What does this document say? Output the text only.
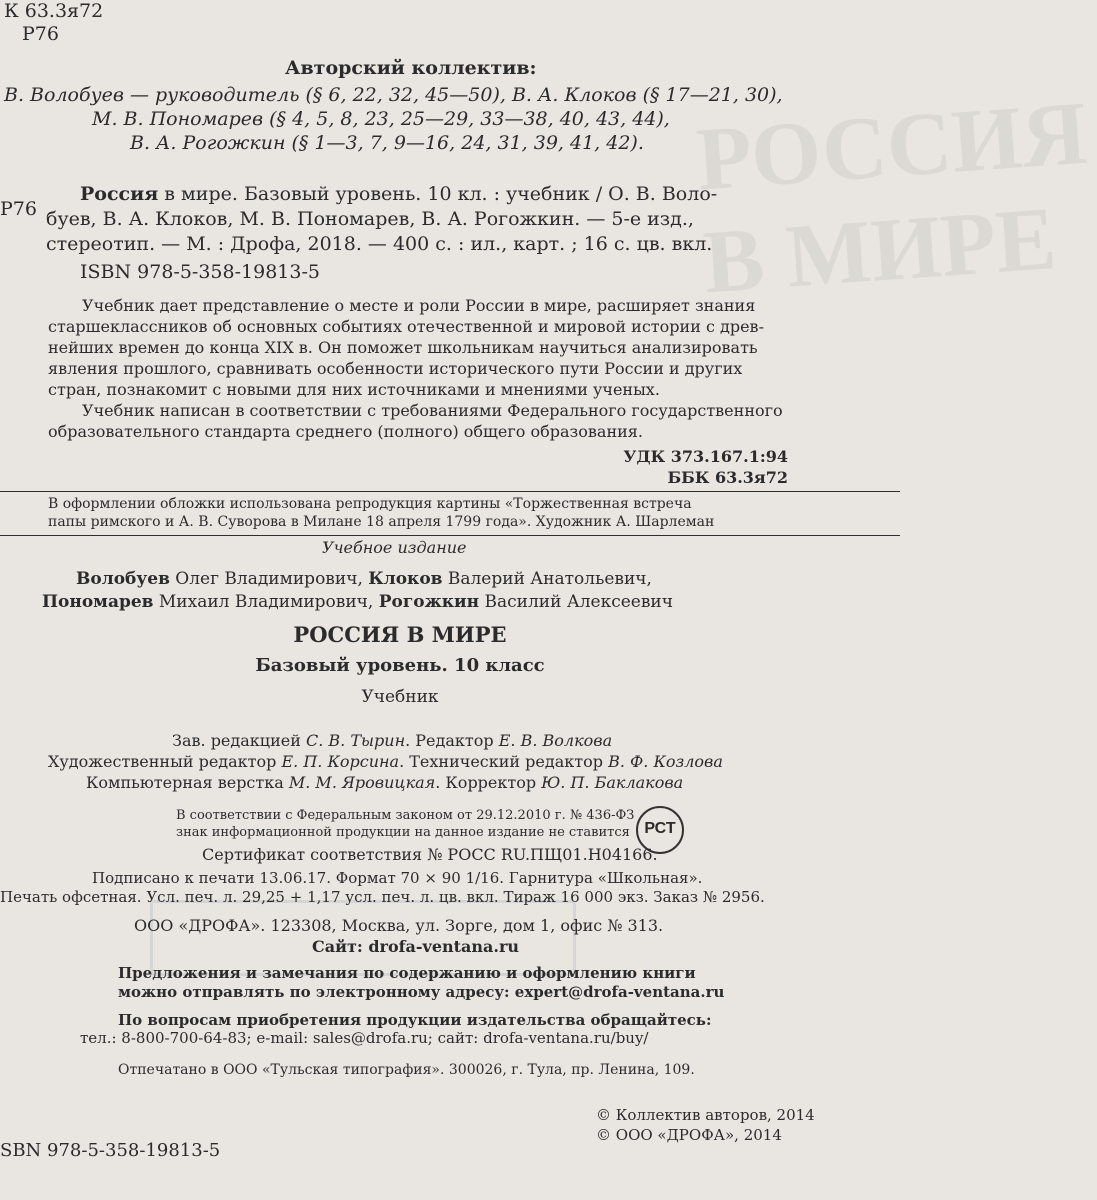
РОССИЯ В МИРЕ
К 63.3я72
Р76
Авторский коллектив:
В. Волобуев — руководитель (§ 6, 22, 32, 45—50), В. А. Клоков (§ 17—21, 30),
М. В. Пономарев (§ 4, 5, 8, 23, 25—29, 33—38, 40, 43, 44),
В. А. Рогожкин (§ 1—3, 7, 9—16, 24, 31, 39, 41, 42).
Р76
Россия в мире. Базовый уровень. 10 кл. : учебник / О. В. Воло-
буев, В. А. Клоков, М. В. Пономарев, В. А. Рогожкин. — 5-е изд.,
стереотип. — М. : Дрофа, 2018. — 400 с. : ил., карт. ; 16 с. цв. вкл.
ISBN 978-5-358-19813-5
Учебник дает представление о месте и роли России в мире, расширяет знания
старшеклассников об основных событиях отечественной и мировой истории с древ-
нейших времен до конца XIX в. Он поможет школьникам научиться анализировать
явления прошлого, сравнивать особенности исторического пути России и других
стран, познакомит с новыми для них источниками и мнениями ученых.
Учебник написан в соответствии с требованиями Федерального государственного
образовательного стандарта среднего (полного) общего образования.
УДК 373.167.1:94
ББК 63.3я72
В оформлении обложки использована репродукция картины «Торжественная встреча
папы римского и А. В. Суворова в Милане 18 апреля 1799 года». Художник А. Шарлеман
Учебное издание
Волобуев Олег Владимирович, Клоков Валерий Анатольевич,
Пономарев Михаил Владимирович, Рогожкин Василий Алексеевич
РОССИЯ В МИРЕ
Базовый уровень. 10 класс
Учебник
Зав. редакцией С. В. Тырин. Редактор Е. В. Волкова
Художественный редактор Е. П. Корсина. Технический редактор В. Ф. Козлова
Компьютерная верстка М. М. Яровицкая. Корректор Ю. П. Баклакова
В соответствии с Федеральным законом от 29.12.2010 г. № 436-ФЗ
знак информационной продукции на данное издание не ставится РСТ
Сертификат соответствия № РОСС RU.ПЩ01.Н04166.
Подписано к печати 13.06.17. Формат 70 × 90 1/16. Гарнитура «Школьная».
Печать офсетная. Усл. печ. л. 29,25 + 1,17 усл. печ. л. цв. вкл. Тираж 16 000 экз. Заказ № 2956.
ООО «ДРОФА». 123308, Москва, ул. Зорге, дом 1, офис № 313.
Сайт: drofa-ventana.ru
Предложения и замечания по содержанию и оформлению книги
можно отправлять по электронному адресу: expert@drofa-ventana.ru
По вопросам приобретения продукции издательства обращайтесь:
тел.: 8-800-700-64-83; e-mail: sales@drofa.ru; сайт: drofa-ventana.ru/buy/
Отпечатано в ООО «Тульская типография». 300026, г. Тула, пр. Ленина, 109.
© Коллектив авторов, 2014
© ООО «ДРОФА», 2014
SBN 978-5-358-19813-5
